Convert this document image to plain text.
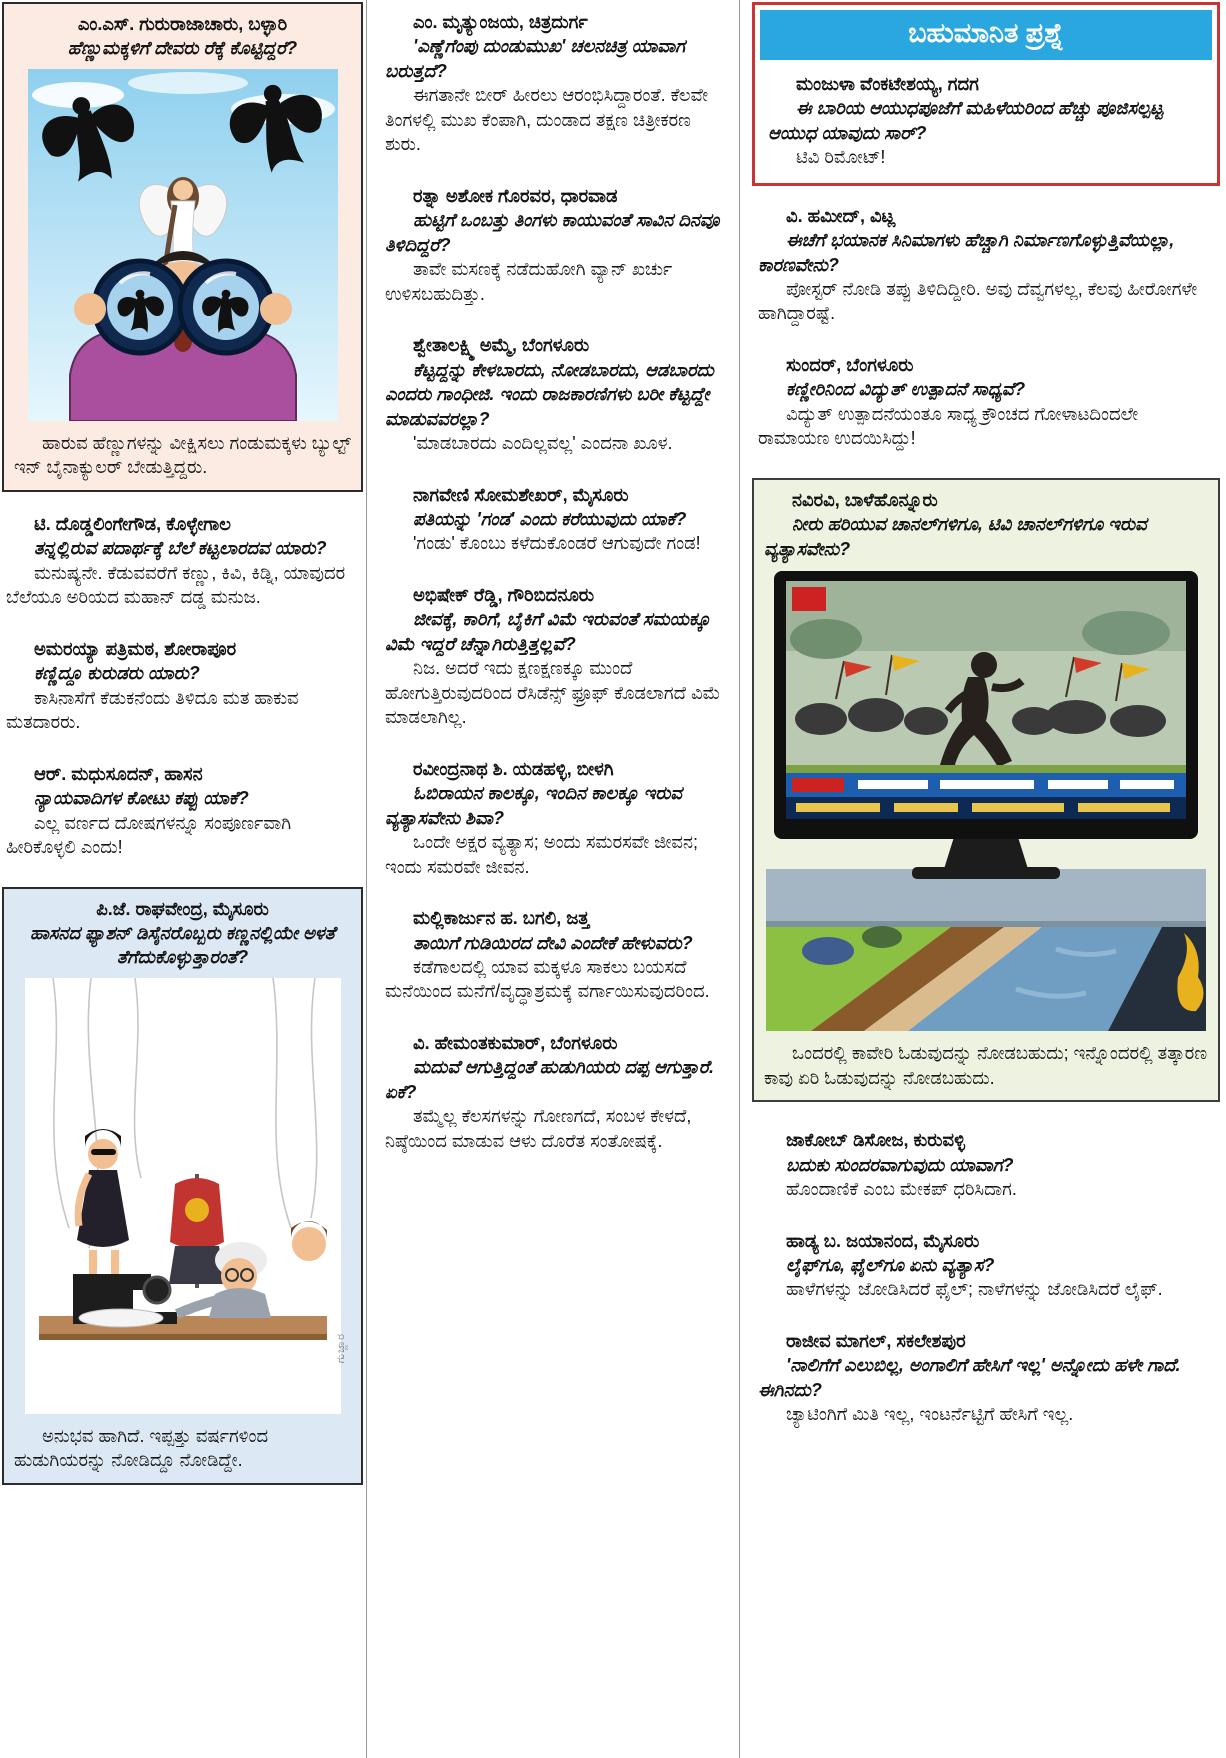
ಎಂ.ಎಸ್. ಗುರುರಾಜಾಚಾರು, ಬಳ್ಳಾರಿ

ಹೆಣ್ಣುಮಕ್ಕಳಿಗೆ ದೇವರು ರೆಕ್ಕೆ ಕೊಟ್ಟಿದ್ದರೆ?

ಹಾರುವ ಹೆಣ್ಣುಗಳನ್ನು ವೀಕ್ಷಿಸಲು ಗಂಡುಮಕ್ಕಳು ಬ್ಯುಲ್ಟ್ ಇನ್ ಬೈನಾಕ್ಯುಲರ್ ಬೇಡುತ್ತಿದ್ದರು.

ಟಿ. ದೊಡ್ಡಲಿಂಗೇಗೌಡ, ಕೊಳ್ಳೇಗಾಲ

ತನ್ನಲ್ಲಿರುವ ಪದಾರ್ಥಕ್ಕೆ ಬೆಲೆ ಕಟ್ಟಲಾರದವ ಯಾರು?

ಮನುಷ್ಯನೇ. ಕೆಡುವವರೆಗೆ ಕಣ್ಣು, ಕಿವಿ, ಕಿಡ್ನಿ, ಯಾವುದರ ಬೆಲೆಯೂ ಅರಿಯದ ಮಹಾನ್ ದಡ್ಡ ಮನುಜ.

ಅಮರಯ್ಯಾ ಪತ್ರಿಮಠ, ಶೋರಾಪೂರ

ಕಣ್ಣಿದ್ದೂ ಕುರುಡರು ಯಾರು?

ಕಾಸಿನಾಸೆಗೆ ಕೆಡುಕನೆಂದು ತಿಳಿದೂ ಮತ ಹಾಕುವ ಮತದಾರರು.

ಆರ್. ಮಧುಸೂದನ್, ಹಾಸನ

ನ್ಯಾಯವಾದಿಗಳ ಕೋಟು ಕಪ್ಪು ಯಾಕೆ?

ಎಲ್ಲ ವರ್ಣದ ದೋಷಗಳನ್ನೂ ಸಂಪೂರ್ಣವಾಗಿ ಹೀರಿಕೊಳ್ಳಲಿ ಎಂದು!

ಪಿ.ಜೆ. ರಾಘವೇಂದ್ರ, ಮೈಸೂರು

ಹಾಸನದ ಫ್ಯಾಶನ್ ಡಿಸೈನರೊಬ್ಬರು ಕಣ್ಣನಲ್ಲಿಯೇ ಅಳತೆ ತೆಗೆದುಕೊಳ್ಳುತ್ತಾರಂತೆ?

ಗುಜ್ಜಾರ

ಅನುಭವ ಹಾಗಿದೆ. ಇಪ್ಪತ್ತು ವರ್ಷಗಳಿಂದ ಹುಡುಗಿಯರನ್ನು ನೋಡಿದ್ದೂ ನೋಡಿದ್ದೇ.

ಎಂ. ಮೃತ್ಯುಂಜಯ, ಚಿತ್ರದುರ್ಗ

'ಎಣ್ಣೆಗೆಂಪು ದುಂಡುಮುಖ' ಚಲನಚಿತ್ರ ಯಾವಾಗ ಬರುತ್ತದೆ?

ಈಗತಾನೇ ಬೀರ್ ಹೀರಲು ಆರಂಭಿಸಿದ್ದಾರಂತೆ. ಕೆಲವೇ ತಿಂಗಳಲ್ಲಿ ಮುಖ ಕೆಂಪಾಗಿ, ದುಂಡಾದ ತಕ್ಷಣ ಚಿತ್ರೀಕರಣ ಶುರು.

ರತ್ನಾ ಅಶೋಕ ಗೊರವರ, ಧಾರವಾಡ

ಹುಟ್ಟಿಗೆ ಒಂಬತ್ತು ತಿಂಗಳು ಕಾಯುವಂತೆ ಸಾವಿನ ದಿನವೂ ತಿಳಿದಿದ್ದರೆ?

ತಾವೇ ಮಸಣಕ್ಕೆ ನಡೆದುಹೋಗಿ ವ್ಯಾನ್ ಖರ್ಚು ಉಳಿಸಬಹುದಿತ್ತು.

ಶ್ವೇತಾಲಕ್ಷ್ಮಿ ಅಮ್ಮೆ, ಬೆಂಗಳೂರು

ಕೆಟ್ಟದ್ದನ್ನು ಕೇಳಬಾರದು, ನೋಡಬಾರದು, ಆಡಬಾರದು ಎಂದರು ಗಾಂಧೀಜಿ. ಇಂದು ರಾಜಕಾರಣಿಗಳು ಬರೀ ಕೆಟ್ಟದ್ದೇ ಮಾಡುವವರಲ್ಲಾ?

'ಮಾಡಬಾರದು ಎಂದಿಲ್ಲವಲ್ಲ' ಎಂದನಾ ಖೂಳ.

ನಾಗವೇಣಿ ಸೋಮಶೇಖರ್, ಮೈಸೂರು

ಪತಿಯನ್ನು 'ಗಂಡ' ಎಂದು ಕರೆಯುವುದು ಯಾಕೆ?

'ಗಂಡು' ಕೊಂಬು ಕಳೆದುಕೊಂಡರೆ ಆಗುವುದೇ ಗಂಡ!

ಅಭಿಷೇಕ್ ರೆಡ್ಡಿ, ಗೌರಿಬಿದನೂರು

ಜೀವಕ್ಕೆ, ಕಾರಿಗೆ, ಬೈಕಿಗೆ ವಿಮೆ ಇರುವಂತೆ ಸಮಯಕ್ಕೂ ವಿಮೆ ಇದ್ದರೆ ಚೆನ್ನಾಗಿರುತ್ತಿತ್ತಲ್ಲವೆ?

ನಿಜ. ಅದರೆ ಇದು ಕ್ಷಣಕ್ಷಣಕ್ಕೂ ಮುಂದೆ ಹೋಗುತ್ತಿರುವುದರಿಂದ ರೆಸಿಡೆನ್ಸ್ ಫ್ರೂಫ್ ಕೊಡಲಾಗದೆ ವಿಮೆ ಮಾಡಲಾಗಿಲ್ಲ.

ರವೀಂದ್ರನಾಥ ಶಿ. ಯಡಹಳ್ಳಿ, ಬೀಳಗಿ

ಓಬಿರಾಯನ ಕಾಲಕ್ಕೂ, ಇಂದಿನ ಕಾಲಕ್ಕೂ ಇರುವ ವ್ಯತ್ಯಾಸವೇನು ಶಿವಾ?

ಒಂದೇ ಅಕ್ಷರ ವ್ಯತ್ಯಾಸ; ಅಂದು ಸಮರಸವೇ ಜೀವನ; ಇಂದು ಸಮರವೇ ಜೀವನ.

ಮಲ್ಲಿಕಾರ್ಜುನ ಹ. ಬಗಲಿ, ಜತ್ತ

ತಾಯಿಗೆ ಗುಡಿಯಿರದ ದೇವಿ ಎಂದೇಕೆ ಹೇಳುವರು?

ಕಡೆಗಾಲದಲ್ಲಿ ಯಾವ ಮಕ್ಕಳೂ ಸಾಕಲು ಬಯಸದೆ ಮನೆಯಿಂದ ಮನೆಗೆ/ವೃದ್ಧಾಶ್ರಮಕ್ಕೆ ವರ್ಗಾಯಿಸುವುದರಿಂದ.

ವಿ. ಹೇಮಂತಕುಮಾರ್, ಬೆಂಗಳೂರು

ಮದುವೆ ಆಗುತ್ತಿದ್ದಂತೆ ಹುಡುಗಿಯರು ದಪ್ಪ ಆಗುತ್ತಾರೆ. ಏಕೆ?

ತಮ್ಮೆಲ್ಲ ಕೆಲಸಗಳನ್ನು ಗೋಣಗದೆ, ಸಂಬಳ ಕೇಳದೆ, ನಿಷ್ಠೆಯಿಂದ ಮಾಡುವ ಆಳು ದೊರೆತ ಸಂತೋಷಕ್ಕೆ.

ಬಹುಮಾನಿತ ಪ್ರಶ್ನೆ

ಮಂಜುಳಾ ವೆಂಕಟೇಶಯ್ಯ, ಗದಗ

ಈ ಬಾರಿಯ ಆಯುಧಪೂಜೆಗೆ ಮಹಿಳೆಯರಿಂದ ಹೆಚ್ಚು ಪೂಜಿಸಲ್ಪಟ್ಟ ಆಯುಧ ಯಾವುದು ಸಾರ್?

ಟಿವಿ ರಿಮೋಟ್!

ವಿ. ಹಮೀದ್, ವಿಟ್ಲ

ಈಚೆಗೆ ಭಯಾನಕ ಸಿನಿಮಾಗಳು ಹೆಚ್ಚಾಗಿ ನಿರ್ಮಾಣಗೊಳ್ಳುತ್ತಿವೆಯಲ್ಲಾ, ಕಾರಣವೇನು?

ಪೋಸ್ಟರ್ ನೋಡಿ ತಪ್ಪು ತಿಳಿದಿದ್ದೀರಿ. ಅವು ದೆವ್ವಗಳಲ್ಲ, ಕೆಲವು ಹೀರೋಗಳೇ ಹಾಗಿದ್ದಾರಷ್ಟೆ.

ಸುಂದರ್, ಬೆಂಗಳೂರು

ಕಣ್ಣೀರಿನಿಂದ ವಿದ್ಯುತ್ ಉತ್ಪಾದನೆ ಸಾಧ್ಯವೆ?

ವಿದ್ಯುತ್ ಉತ್ಪಾದನೆಯಂತೂ ಸಾಧ್ಯ ಕ್ರೌಂಚದ ಗೋಳಾಟದಿಂದಲೇ ರಾಮಾಯಣ ಉದಯಿಸಿದ್ದು!

ನವಿರವಿ, ಬಾಳೆಹೊನ್ನೂರು

ನೀರು ಹರಿಯುವ ಚಾನಲ್‌ಗಳಿಗೂ, ಟಿವಿ ಚಾನಲ್‌ಗಳಿಗೂ ಇರುವ ವ್ಯತ್ಯಾಸವೇನು?

ಒಂದರಲ್ಲಿ ಕಾವೇರಿ ಓಡುವುದನ್ನು ನೋಡಬಹುದು; ಇನ್ನೊಂದರಲ್ಲಿ ತತ್ಕಾರಣ ಕಾವು ಏರಿ ಓಡುವುದನ್ನು ನೋಡಬಹುದು.

ಜಾಕೋಬ್ ಡಿಸೋಜ, ಕುರುವಳ್ಳಿ

ಬದುಕು ಸುಂದರವಾಗುವುದು ಯಾವಾಗ?

ಹೊಂದಾಣಿಕೆ ಎಂಬ ಮೇಕಪ್ ಧರಿಸಿದಾಗ.

ಹಾಡ್ಯ ಬ. ಜಯಾನಂದ, ಮೈಸೂರು

ಲೈಫ್‌ಗೂ, ಫೈಲ್‌ಗೂ ಏನು ವ್ಯತ್ಯಾಸ?

ಹಾಳೆಗಳನ್ನು ಜೋಡಿಸಿದರೆ ಫೈಲ್; ನಾಳೆಗಳನ್ನು ಜೋಡಿಸಿದರೆ ಲೈಫ್.

ರಾಜೀವ ಮಾಗಲ್, ಸಕಲೇಶಪುರ

'ನಾಲಿಗೆಗೆ ಎಲುಬಿಲ್ಲ, ಅಂಗಾಲಿಗೆ ಹೇಸಿಗೆ ಇಲ್ಲ' ಅನ್ನೋದು ಹಳೇ ಗಾದೆ. ಈಗಿನದು?

ಚ್ಯಾಟಿಂಗಿಗೆ ಮಿತಿ ಇಲ್ಲ, ಇಂಟರ್ನೆಟ್ಟಿಗೆ ಹೇಸಿಗೆ ಇಲ್ಲ.
